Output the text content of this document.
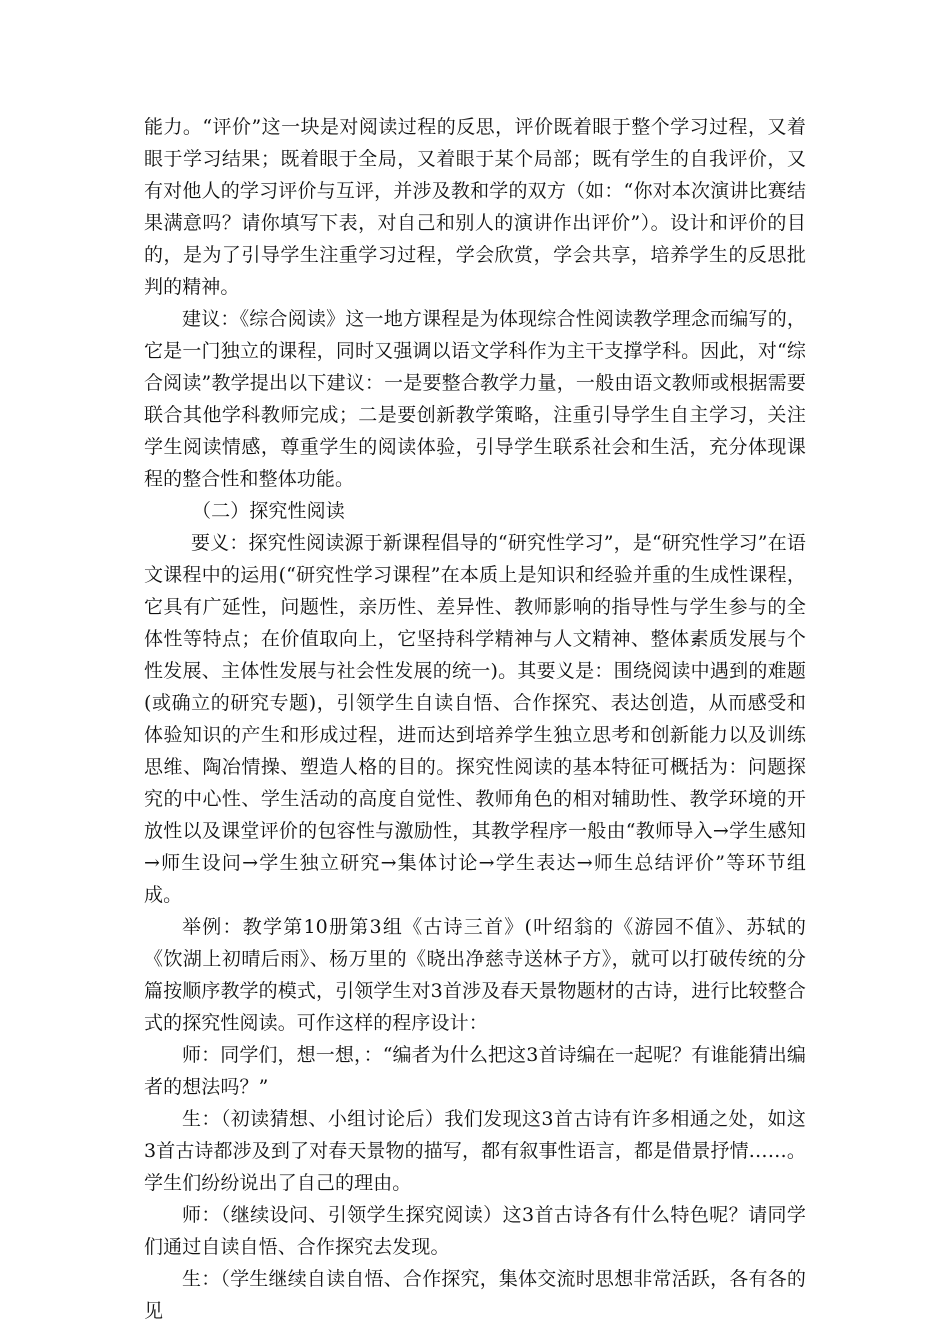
能力。“评价”这一块是对阅读过程的反思，评价既着眼于整个学习过程，又着眼于学习结果；既着眼于全局，又着眼于某个局部；既有学生的自我评价，又有对他人的学习评价与互评，并涉及教和学的双方（如：“你对本次演讲比赛结果满意吗？请你填写下表，对自己和别人的演讲作出评价”）。设计和评价的目的，是为了引导学生注重学习过程，学会欣赏，学会共享，培养学生的反思批判的精神。

建议：《综合阅读》这一地方课程是为体现综合性阅读教学理念而编写的，它是一门独立的课程，同时又强调以语文学科作为主干支撑学科。因此，对“综合阅读”教学提出以下建议：一是要整合教学力量，一般由语文教师或根据需要联合其他学科教师完成；二是要创新教学策略，注重引导学生自主学习，关注学生阅读情感，尊重学生的阅读体验，引导学生联系社会和生活，充分体现课程的整合性和整体功能。

（二）探究性阅读

要义：探究性阅读源于新课程倡导的“研究性学习”，是“研究性学习”在语文课程中的运用(“研究性学习课程”在本质上是知识和经验并重的生成性课程，它具有广延性，问题性，亲历性、差异性、教师影响的指导性与学生参与的全体性等特点；在价值取向上，它坚持科学精神与人文精神、整体素质发展与个性发展、主体性发展与社会性发展的统一)。其要义是：围绕阅读中遇到的难题(或确立的研究专题)，引领学生自读自悟、合作探究、表达创造，从而感受和体验知识的产生和形成过程，进而达到培养学生独立思考和创新能力以及训练思维、陶冶情操、塑造人格的目的。探究性阅读的基本特征可概括为：问题探究的中心性、学生活动的高度自觉性、教师角色的相对辅助性、教学环境的开放性以及课堂评价的包容性与激励性，其教学程序一般由“教师导入→学生感知→师生设问→学生独立研究→集体讨论→学生表达→师生总结评价”等环节组成。

举例：教学第10册第3组《古诗三首》(叶绍翁的《游园不值》、苏轼的《饮湖上初晴后雨》、杨万里的《晓出净慈寺送林子方》，就可以打破传统的分篇按顺序教学的模式，引领学生对3首涉及春天景物题材的古诗，进行比较整合式的探究性阅读。可作这样的程序设计：

师：同学们，想一想，：“编者为什么把这3首诗编在一起呢？有谁能猜出编者的想法吗？”

生：（初读猜想、小组讨论后）我们发现这3首古诗有许多相通之处，如这3首古诗都涉及到了对春天景物的描写，都有叙事性语言，都是借景抒情……。学生们纷纷说出了自己的理由。

师：（继续设问、引领学生探究阅读）这3首古诗各有什么特色呢？请同学们通过自读自悟、合作探究去发现。

生：（学生继续自读自悟、合作探究，集体交流时思想非常活跃，各有各的见
